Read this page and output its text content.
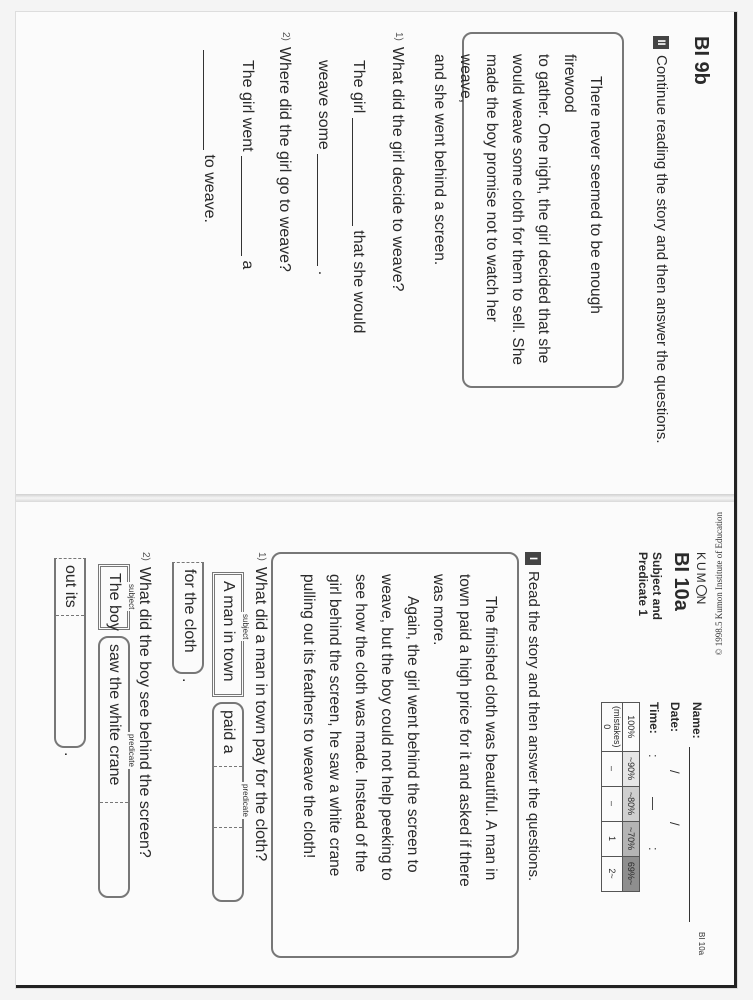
BI 9b
IIContinue reading the story and then answer the questions.

There never seemed to be enough firewood

to gather. One night, the girl decided that she
would weave some cloth for them to sell. She
made the boy promise not to watch her weave,
and she went behind a screen.
1)What did the girl decide to weave?
The girl  that she would
weave some  .
2)Where did the girl go to weave?
The girl went  a
to weave.
© 1998.5 Kumon Institute of Education
KUMN
BI 10a
Subject and
Predicate 1
BI 10a
Name:
Date:
/
/
Time:
:
—
:
100%	~90%	~80%	~70%	69%~
(mistakes) 0	–	–	1	2~
IRead the story and then answer the questions.

The finished cloth was beautiful. A man in

town paid a high price for it and asked if there
was more.

Again, the girl went behind the screen to

weave, but the boy could not help peeking to
see how the cloth was made. Instead of the
girl behind the screen, he saw a white crane
pulling out its feathers to weave the cloth!
1)What did a man in town pay for the cloth?
A man in town subject
paid a
predicate
for the cloth
.
2)What did the boy see behind the screen?
The boy subject
saw the white crane predicate
out its
.
